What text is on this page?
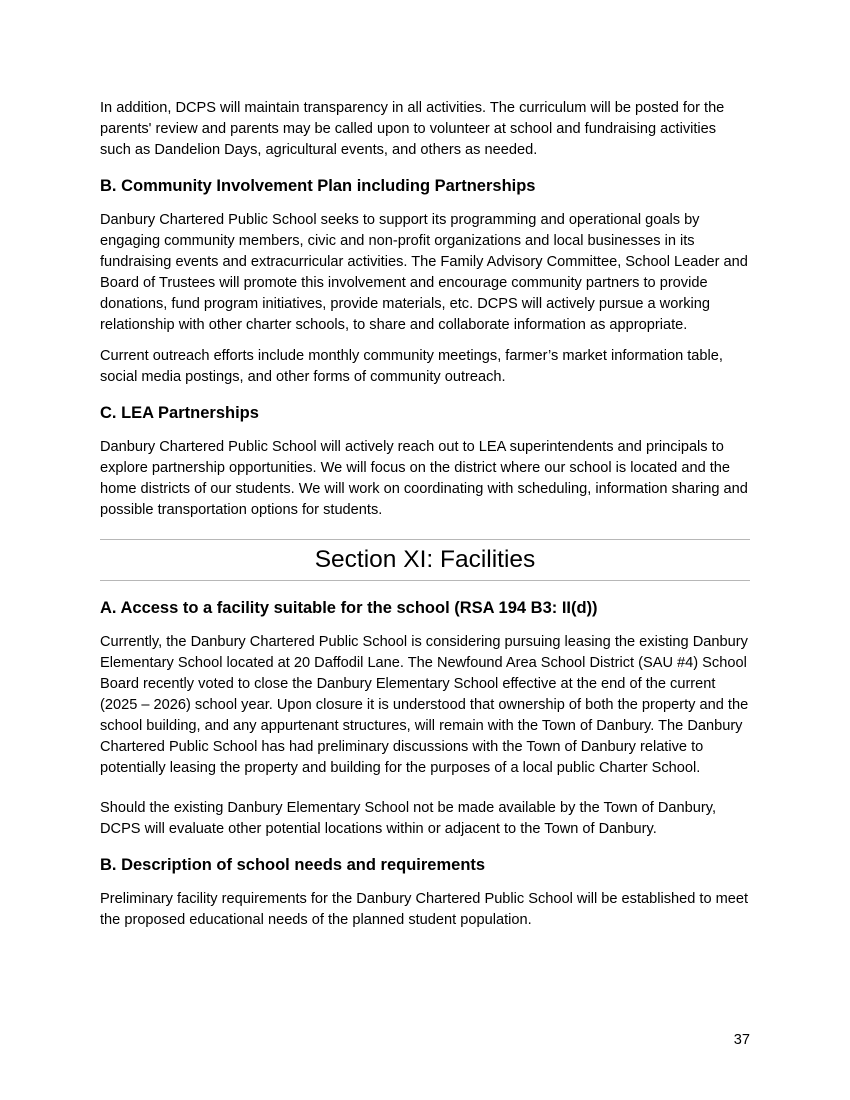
In addition, DCPS will maintain transparency in all activities. The curriculum will be posted for the parents' review and parents may be called upon to volunteer at school and fundraising activities such as Dandelion Days, agricultural events, and others as needed.

B. Community Involvement Plan including Partnerships

Danbury Chartered Public School seeks to support its programming and operational goals by engaging community members, civic and non-profit organizations and local businesses in its fundraising events and extracurricular activities. The Family Advisory Committee, School Leader and Board of Trustees will promote this involvement and encourage community partners to provide donations, fund program initiatives, provide materials, etc. DCPS will actively pursue a working relationship with other charter schools, to share and collaborate information as appropriate.

Current outreach efforts include monthly community meetings, farmer’s market information table, social media postings, and other forms of community outreach.

C. LEA Partnerships

Danbury Chartered Public School will actively reach out to LEA superintendents and principals to explore partnership opportunities. We will focus on the district where our school is located and the home districts of our students. We will work on coordinating with scheduling, information sharing and possible transportation options for students.

Section XI: Facilities
A. Access to a facility suitable for the school (RSA 194 B3: II(d))

Currently, the Danbury Chartered Public School is considering pursuing leasing the existing Danbury Elementary School located at 20 Daffodil Lane. The Newfound Area School District (SAU #4) School Board recently voted to close the Danbury Elementary School effective at the end of the current (2025 – 2026) school year. Upon closure it is understood that ownership of both the property and the school building, and any appurtenant structures, will remain with the Town of Danbury. The Danbury Chartered Public School has had preliminary discussions with the Town of Danbury relative to potentially leasing the property and building for the purposes of a local public Charter School.

Should the existing Danbury Elementary School not be made available by the Town of Danbury, DCPS will evaluate other potential locations within or adjacent to the Town of Danbury.

B. Description of school needs and requirements

Preliminary facility requirements for the Danbury Chartered Public School will be established to meet the proposed educational needs of the planned student population.

37
